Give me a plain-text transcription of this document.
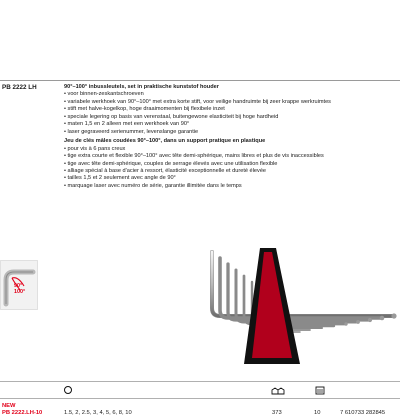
PB 2222 LH	90°–100° inbussleutels, set in praktische kunststof houder
• voor binnen-zeskantschroeven
• variabele werkhoek van 90°–100° met extra korte stift, voor veilige handruimte bij zeer krappe werkruimtes
• stift met halve-kogelkop, hoge draaimomenten bij flexibele inzet
• speciale legering op basis van verenstaal, buitengewone elasticiteit bij hoge hardheid
• maten 1,5 en 2 alleen met een werkhoek van 90°
• laser gegraveerd serienummer, levenslange garantie
Jeu de clés mâles coudées 90°–100°, dans un support pratique en plastique
• pour vis à 6 pans creux
• tige extra courte et flexible 90°–100° avec tête demi-sphérique, mains libres et plus de vis inaccessibles
• tige avec tête demi-sphérique, couples de serrage élevés avec une utilisation flexible
• alliage spécial à base d'acier à ressort, élasticité exceptionnelle et dureté élevée
• tailles 1,5 et 2 seulement avec angle de 90°
• marquage laser avec numéro de série, garantie illimitée dans le temps
90°
100°
NEW
PB 2222.LH-10	1.5, 2, 2.5, 3, 4, 5, 6, 8, 10	373	10	7 610733 282845
